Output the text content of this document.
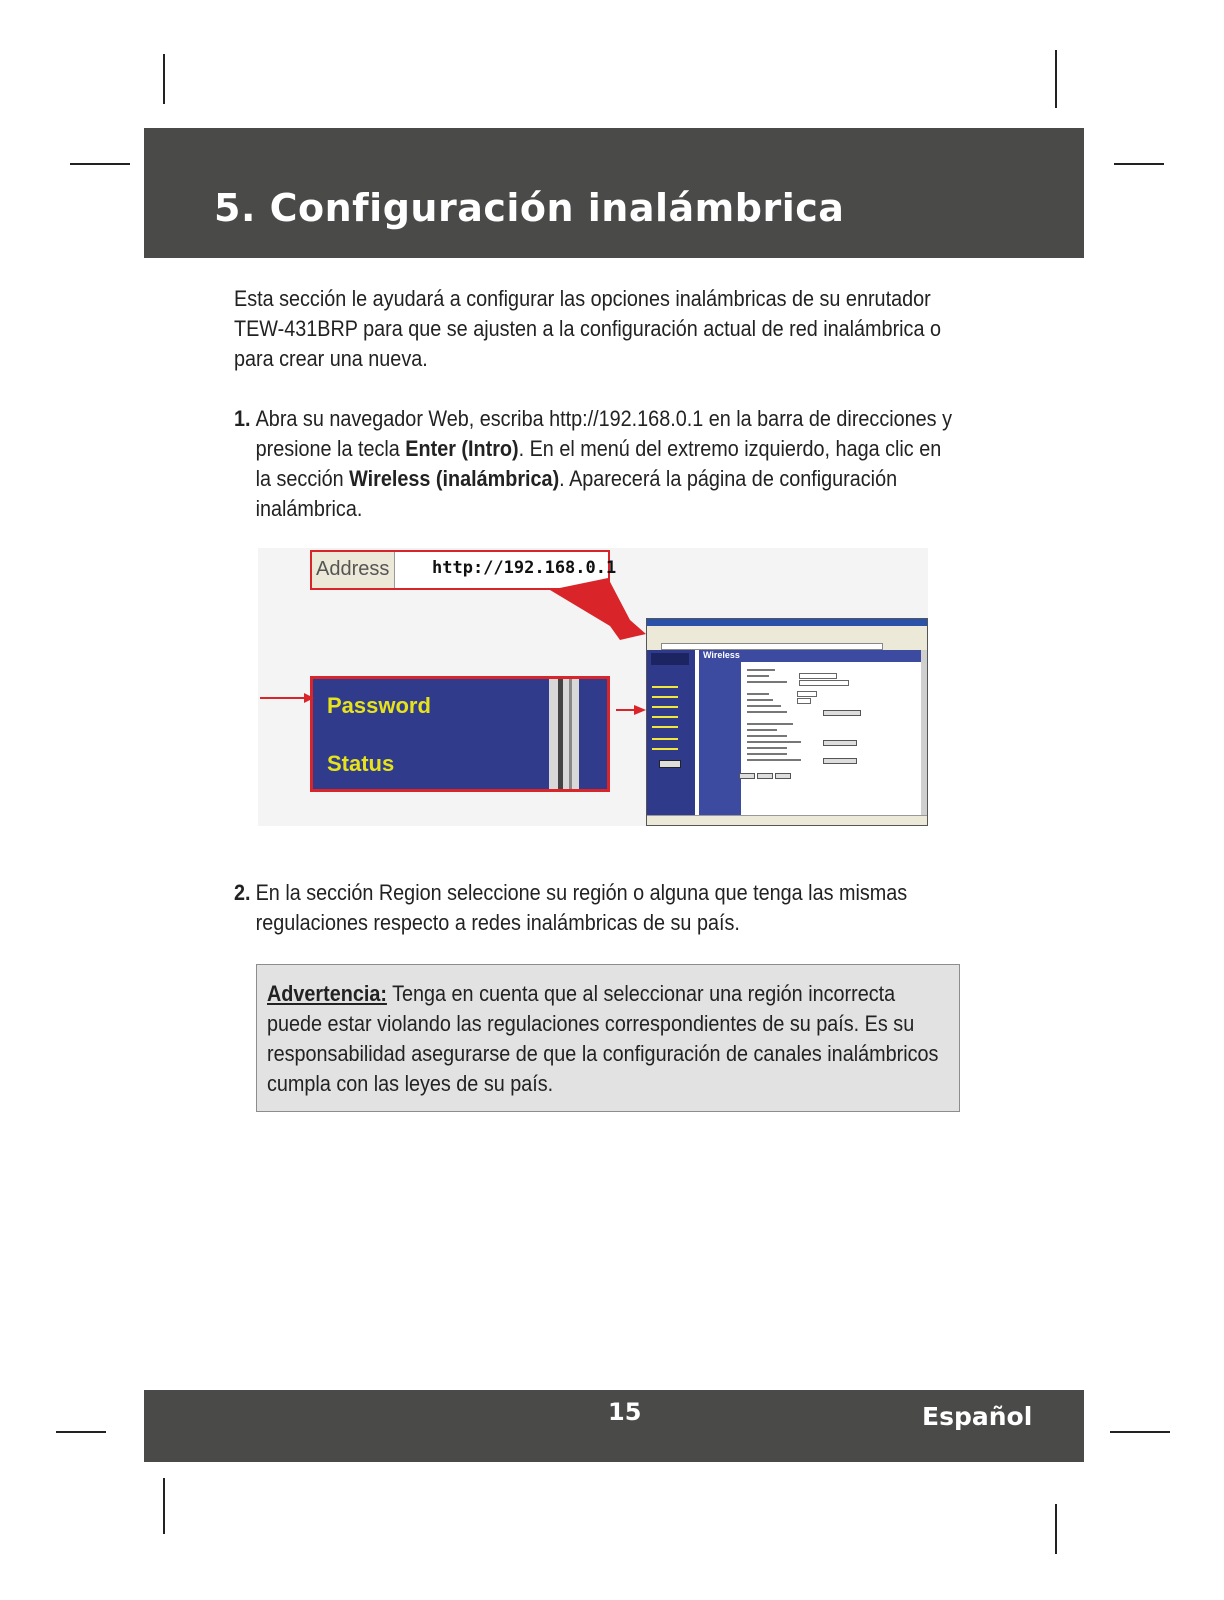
5. Configuración inalámbrica

Esta sección le ayudará a configurar las opciones inalámbricas de su enrutador TEW-431BRP para que se ajusten a la configuración actual de red inalámbrica o para crear una nueva.

1. Abra su navegador Web, escriba http://192.168.0.1 en la barra de direcciones y presione la tecla Enter (Intro). En el menú del extremo izquierdo, haga clic en la sección Wireless (inalámbrica). Aparecerá la página de configuración inalámbrica.

Address	http://192.168.0.1
Password
Status
Wireless

2. En la sección Region seleccione su región o alguna que tenga las mismas regulaciones respecto a redes inalámbricas de su país.

Advertencia: Tenga en cuenta que al seleccionar una región incorrecta puede estar violando las regulaciones correspondientes de su país. Es su responsabilidad asegurarse de que la configuración de canales inalámbricos cumpla con las leyes de su país.

15	Español
